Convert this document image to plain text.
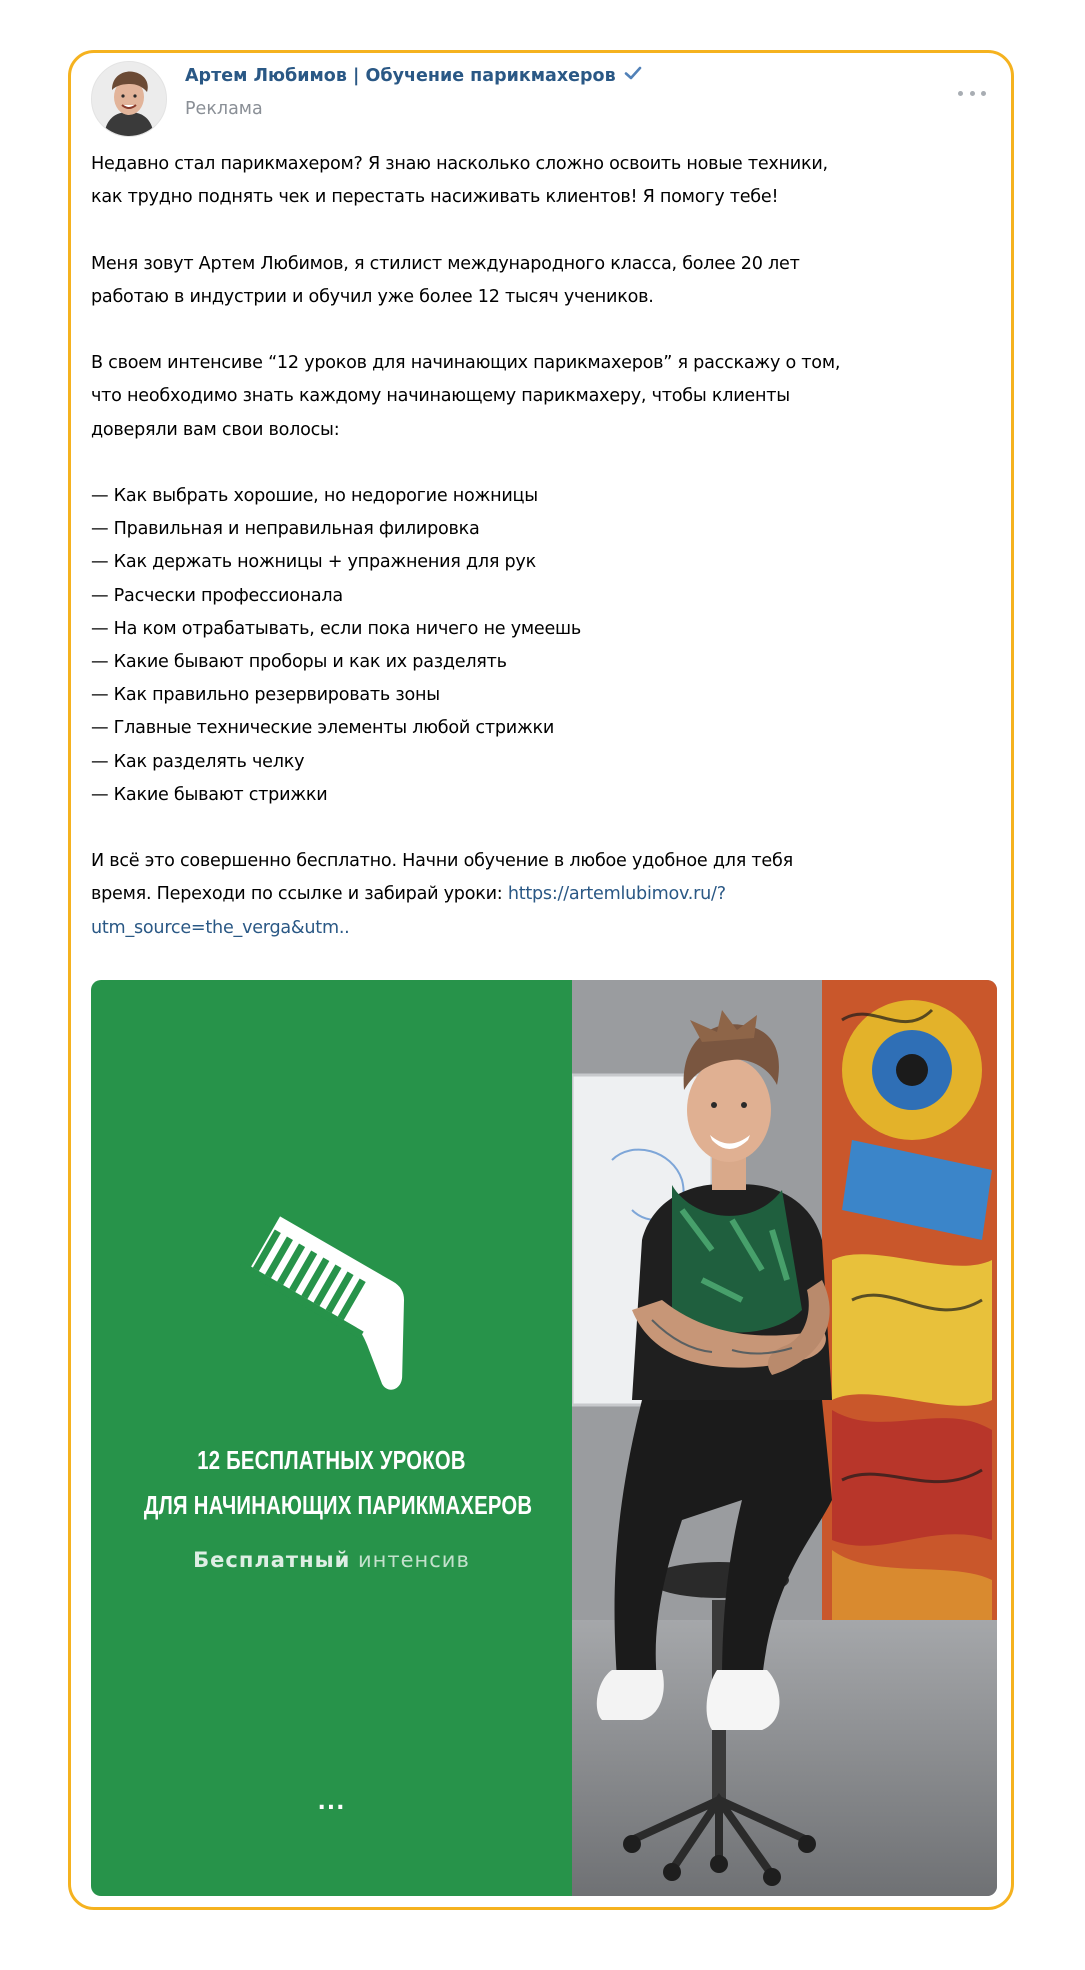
Артем Любимов | Обучение парикмахеров
Реклама

Недавно стал парикмахером? Я знаю насколько сложно освоить новые техники,

как трудно поднять чек и перестать насиживать клиентов! Я помогу тебе!

Меня зовут Артем Любимов, я стилист международного класса, более 20 лет

работаю в индустрии и обучил уже более 12 тысяч учеников.

В своем интенсиве “12 уроков для начинающих парикмахеров” я расскажу о том,

что необходимо знать каждому начинающему парикмахеру, чтобы клиенты

доверяли вам свои волосы:

— Как выбрать хорошие, но недорогие ножницы

— Правильная и неправильная филировка

— Как держать ножницы + упражнения для рук

— Расчески профессионала

— На ком отрабатывать, если пока ничего не умеешь

— Какие бывают проборы и как их разделять

— Как правильно резервировать зоны

— Главные технические элементы любой стрижки

— Как разделять челку

— Какие бывают стрижки

И всё это совершенно бесплатно. Начни обучение в любое удобное для тебя

время. Переходи по ссылке и забирай уроки: https://artemlubimov.ru/?

utm_source=the_verga&utm..

12 БЕСПЛАТНЫХ УРОКОВ
ДЛЯ НАЧИНАЮЩИХ ПАРИКМАХЕРОВ
Бесплатный интенсив
...
